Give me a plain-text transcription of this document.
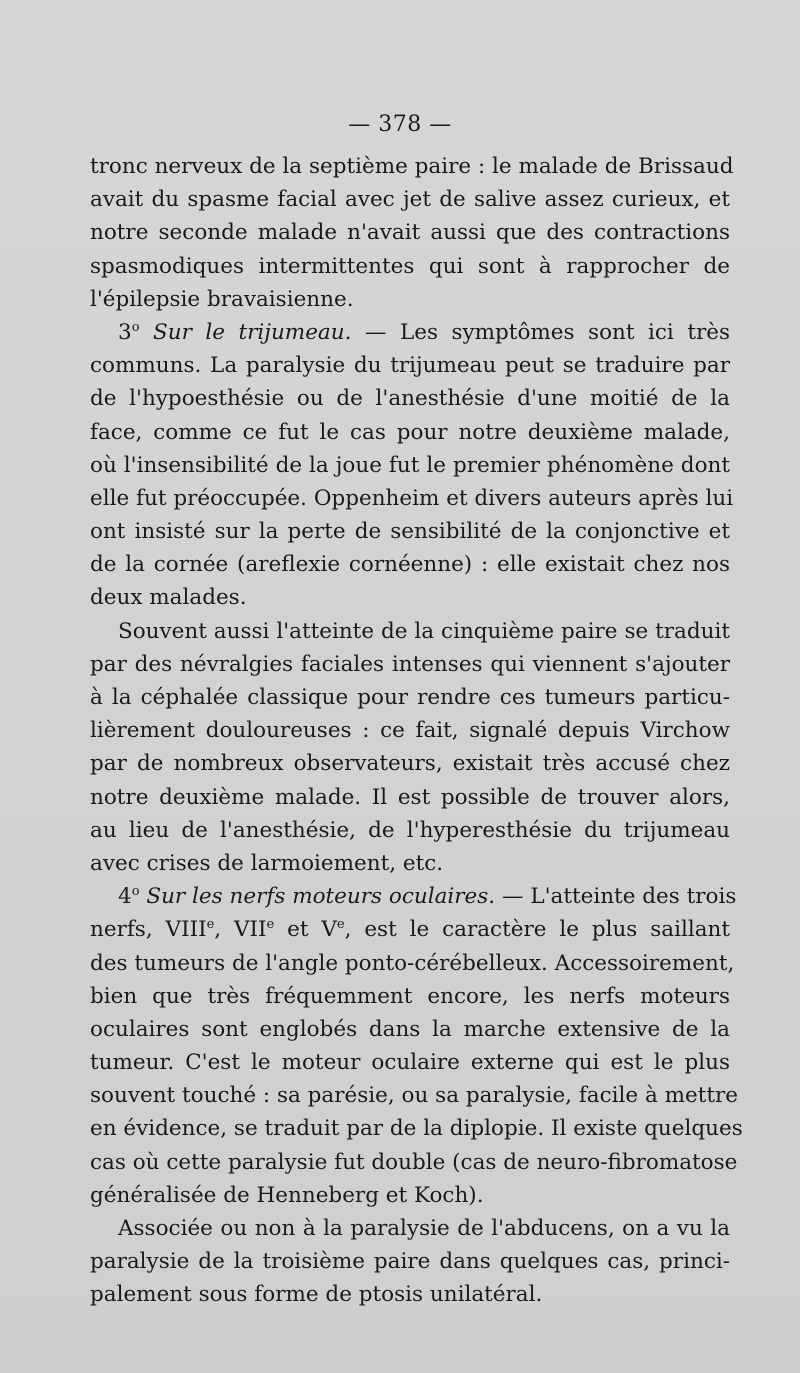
— 378 —
tronc nerveux de la septième paire : le malade de Brissaud
avait du spasme facial avec jet de salive assez curieux, et
notre seconde malade n'avait aussi que des contractions
spasmodiques intermittentes qui sont à rapprocher de
l'épilepsie bravaisienne.
3$^o$ Sur le trijumeau. — Les symptômes sont ici très
communs. La paralysie du trijumeau peut se traduire par
de l'hypoesthésie ou de l'anesthésie d'une moitié de la
face, comme ce fut le cas pour notre deuxième malade,
où l'insensibilité de la joue fut le premier phénomène dont
elle fut préoccupée. Oppenheim et divers auteurs après lui
ont insisté sur la perte de sensibilité de la conjonctive et
de la cornée (areflexie cornéenne) : elle existait chez nos
deux malades.
Souvent aussi l'atteinte de la cinquième paire se traduit
par des névralgies faciales intenses qui viennent s'ajouter
à la céphalée classique pour rendre ces tumeurs particu-
lièrement douloureuses : ce fait, signalé depuis Virchow
par de nombreux observateurs, existait très accusé chez
notre deuxième malade. Il est possible de trouver alors,
au lieu de l'anesthésie, de l'hyperesthésie du trijumeau
avec crises de larmoiement, etc.
4$^o$ Sur les nerfs moteurs oculaires. — L'atteinte des trois
nerfs, VIIIe, VIIe et Ve, est le caractère le plus saillant
des tumeurs de l'angle ponto-cérébelleux. Accessoirement,
bien que très fréquemment encore, les nerfs moteurs
oculaires sont englobés dans la marche extensive de la
tumeur. C'est le moteur oculaire externe qui est le plus
souvent touché : sa parésie, ou sa paralysie, facile à mettre
en évidence, se traduit par de la diplopie. Il existe quelques
cas où cette paralysie fut double (cas de neuro-fibromatose
généralisée de Henneberg et Koch).
Associée ou non à la paralysie de l'abducens, on a vu la
paralysie de la troisième paire dans quelques cas, princi-
palement sous forme de ptosis unilatéral.
